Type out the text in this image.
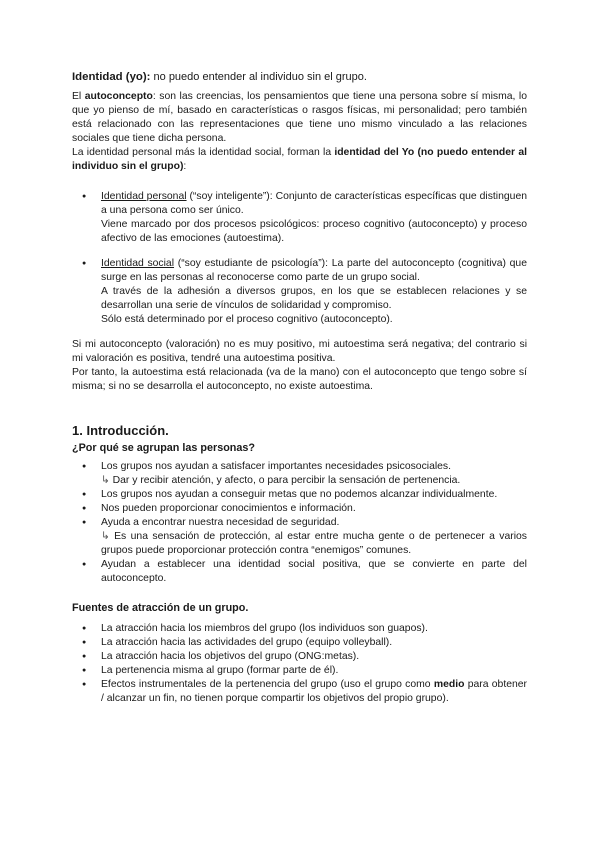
Identidad (yo): no puedo entender al individuo sin el grupo.

El autoconcepto: son las creencias, los pensamientos que tiene una persona sobre sí misma, lo que yo pienso de mí, basado en características o rasgos físicas, mi personalidad; pero también está relacionado con las representaciones que tiene uno mismo vinculado a las relaciones sociales que tiene dicha persona.

La identidad personal más la identidad social, forman la identidad del Yo (no puedo entender al individuo sin el grupo):

● Identidad personal (“soy inteligente”): Conjunto de características específicas que distinguen a una persona como ser único.

Viene marcado por dos procesos psicológicos: proceso cognitivo (autoconcepto) y proceso afectivo de las emociones (autoestima).

● Identidad social (“soy estudiante de psicología”): La parte del autoconcepto (cognitiva) que surge en las personas al reconocerse como parte de un grupo social.

A través de la adhesión a diversos grupos, en los que se establecen relaciones y se desarrollan una serie de vínculos de solidaridad y compromiso.

Sólo está determinado por el proceso cognitivo (autoconcepto).

Si mi autoconcepto (valoración) no es muy positivo, mi autoestima será negativa; del contrario si mi valoración es positiva, tendré una autoestima positiva.

Por tanto, la autoestima está relacionada (va de la mano) con el autoconcepto que tengo sobre sí misma; si no se desarrolla el autoconcepto, no existe autoestima.

1. Introducción.
¿Por qué se agrupan las personas?

● Los grupos nos ayudan a satisfacer importantes necesidades psicosociales.

↳ Dar y recibir atención, y afecto, o para percibir la sensación de pertenencia.

● Los grupos nos ayudan a conseguir metas que no podemos alcanzar individualmente.

● Nos pueden proporcionar conocimientos e información.

● Ayuda a encontrar nuestra necesidad de seguridad.

↳ Es una sensación de protección, al estar entre mucha gente o de pertenecer a varios grupos puede proporcionar protección contra “enemigos” comunes.

● Ayudan a establecer una identidad social positiva, que se convierte en parte del autoconcepto.

Fuentes de atracción de un grupo.

● La atracción hacia los miembros del grupo (los individuos son guapos).

● La atracción hacia las actividades del grupo (equipo volleyball).

● La atracción hacia los objetivos del grupo (ONG:metas).

● La pertenencia misma al grupo (formar parte de él).

● Efectos instrumentales de la pertenencia del grupo (uso el grupo como medio para obtener / alcanzar un fin, no tienen porque compartir los objetivos del propio grupo).
